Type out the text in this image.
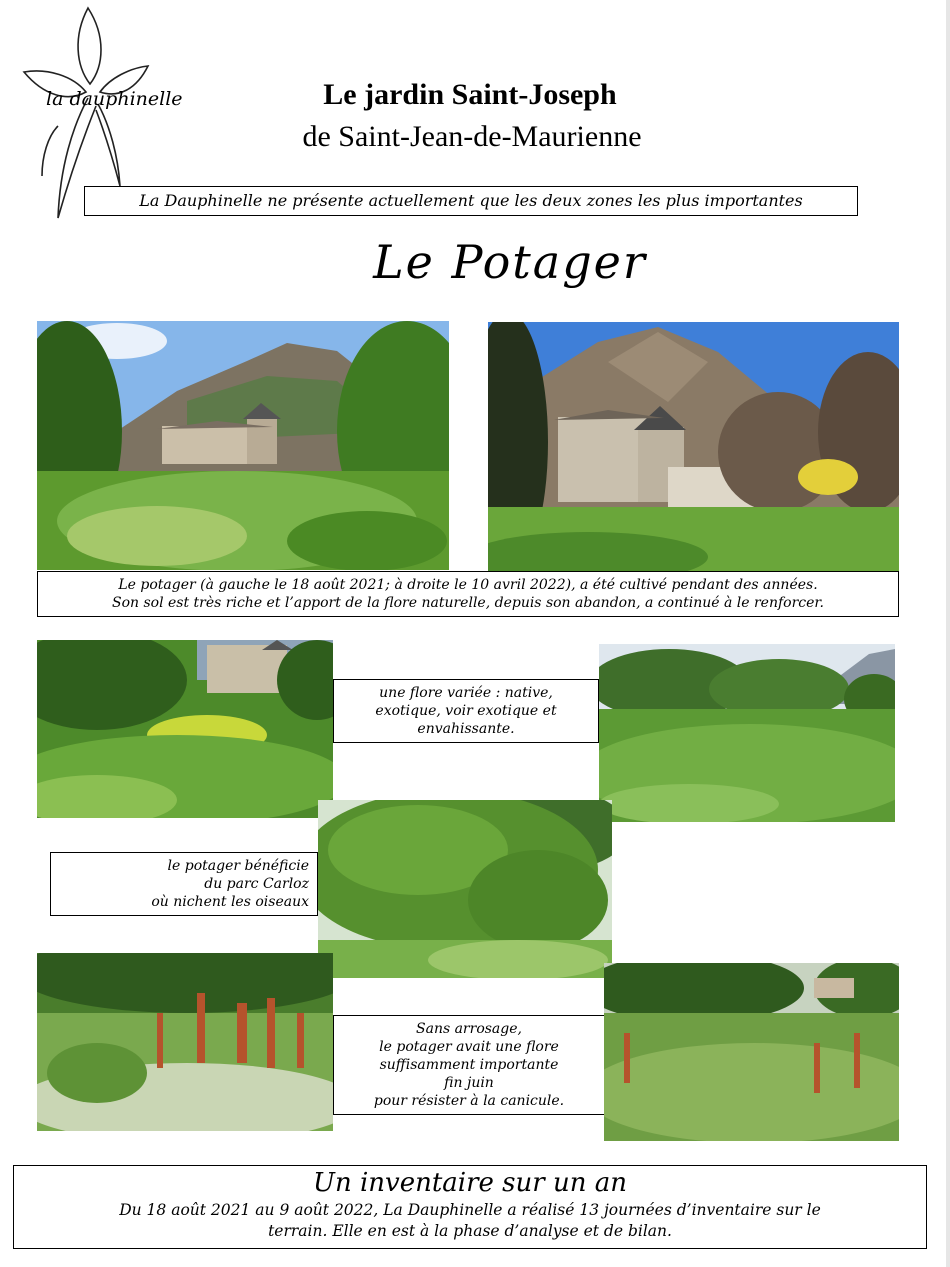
la dauphinelle	Le jardin Saint-Joseph
de Saint-Jean-de-Maurienne
La Dauphinelle ne présente actuellement que les deux zones les plus importantes
Le Potager
Le potager (à gauche le 18 août 2021; à droite le 10 avril 2022), a été cultivé pendant des années.
Son sol est très riche et l’apport de la flore naturelle, depuis son abandon, a continué à le renforcer.
une flore variée : native,
exotique, voir exotique et
envahissante.
le potager bénéficie
du parc Carloz
où nichent les oiseaux
Sans arrosage,
le potager avait une flore
suffisamment importante
fin juin
pour résister à la canicule.
Un inventaire sur un an
Du 18 août 2021 au 9 août 2022, La Dauphinelle a réalisé 13 journées d’inventaire sur le
terrain. Elle en est à la phase d’analyse et de bilan.
